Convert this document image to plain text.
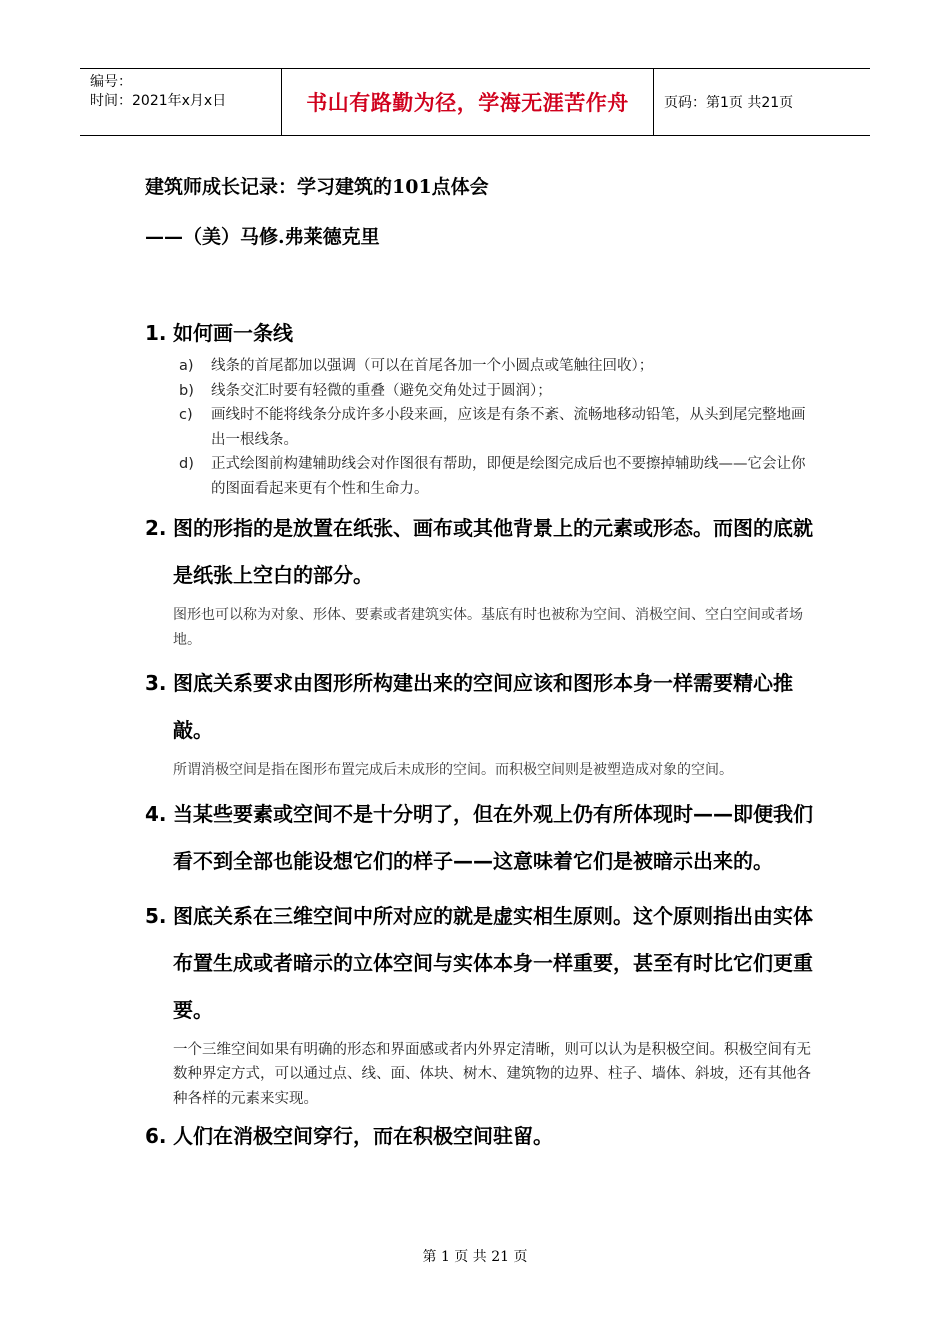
编号：
时间：2021年x月x日	书山有路勤为径，学海无涯苦作舟	页码：第1页 共21页
建筑师成长记录：学习建筑的101点体会
——（美）马修.弗莱德克里
1. 如何画一条线
a) 线条的首尾都加以强调（可以在首尾各加一个小圆点或笔触往回收）；
b) 线条交汇时要有轻微的重叠（避免交角处过于圆润）；
c) 画线时不能将线条分成许多小段来画，应该是有条不紊、流畅地移动铅笔，从头到尾完整地画出一根线条。
d) 正式绘图前构建辅助线会对作图很有帮助，即便是绘图完成后也不要擦掉辅助线——它会让你的图面看起来更有个性和生命力。
2. 图的形指的是放置在纸张、画布或其他背景上的元素或形态。而图的底就是纸张上空白的部分。
图形也可以称为对象、形体、要素或者建筑实体。基底有时也被称为空间、消极空间、空白空间或者场地。
3. 图底关系要求由图形所构建出来的空间应该和图形本身一样需要精心推敲。
所谓消极空间是指在图形布置完成后未成形的空间。而积极空间则是被塑造成对象的空间。
4. 当某些要素或空间不是十分明了，但在外观上仍有所体现时——即便我们看不到全部也能设想它们的样子——这意味着它们是被暗示出来的。
5. 图底关系在三维空间中所对应的就是虚实相生原则。这个原则指出由实体布置生成或者暗示的立体空间与实体本身一样重要，甚至有时比它们更重要。
一个三维空间如果有明确的形态和界面感或者内外界定清晰，则可以认为是积极空间。积极空间有无数种界定方式，可以通过点、线、面、体块、树木、建筑物的边界、柱子、墙体、斜坡，还有其他各种各样的元素来实现。
6. 人们在消极空间穿行，而在积极空间驻留。
第 1 页 共 21 页
